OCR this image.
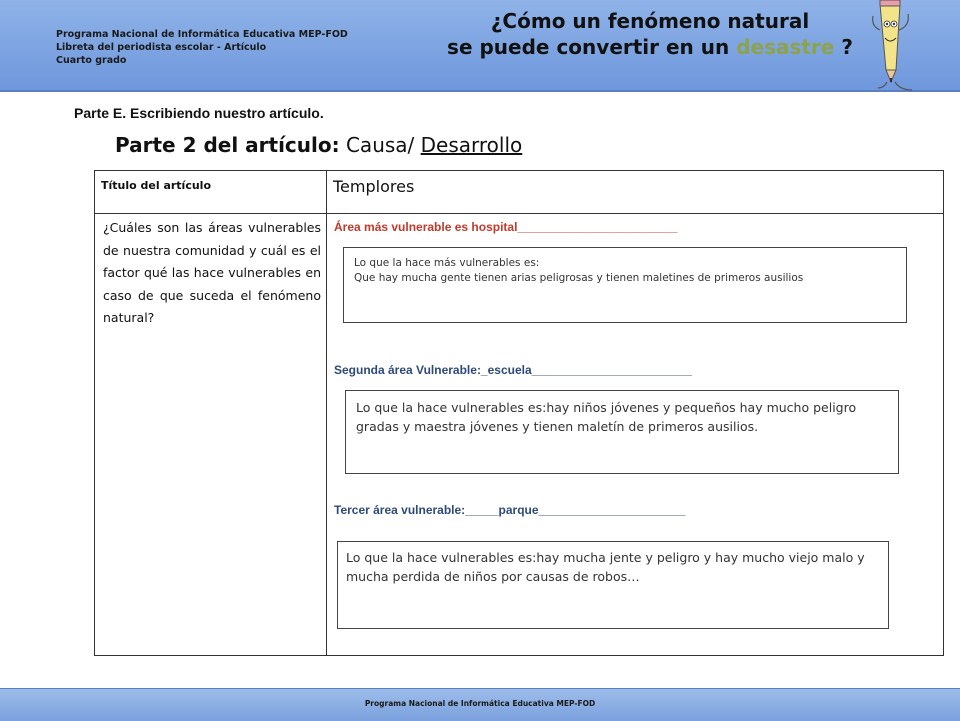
Programa Nacional de Informática Educativa MEP-FOD
Libreta del periodista escolar - Artículo
Cuarto grado
¿Cómo un fenómeno natural
se puede convertir en un desastre ?
Parte E. Escribiendo nuestro artículo.
Parte 2 del artículo: Causa/ Desarrollo
Título del artículo	Templores
¿Cuáles son las áreas vulnerables de nuestra comunidad y cuál es el factor qué las hace vulnerables en caso de que suceda el fenómeno natural?
Área más vulnerable es hospital________________________
Lo que la hace más vulnerables es:
Que hay mucha gente tienen arias peligrosas y tienen maletines de primeros ausilios
Segunda área Vulnerable:_escuela________________________
Lo que la hace vulnerables es:hay niños jóvenes y pequeños hay mucho peligro gradas y maestra jóvenes y tienen maletín de primeros ausilios.
Tercer área vulnerable:_____parque______________________
Lo que la hace vulnerables es:hay mucha jente y peligro y hay mucho viejo malo y mucha perdida de niños por causas de robos…
Programa Nacional de Informática Educativa MEP-FOD
